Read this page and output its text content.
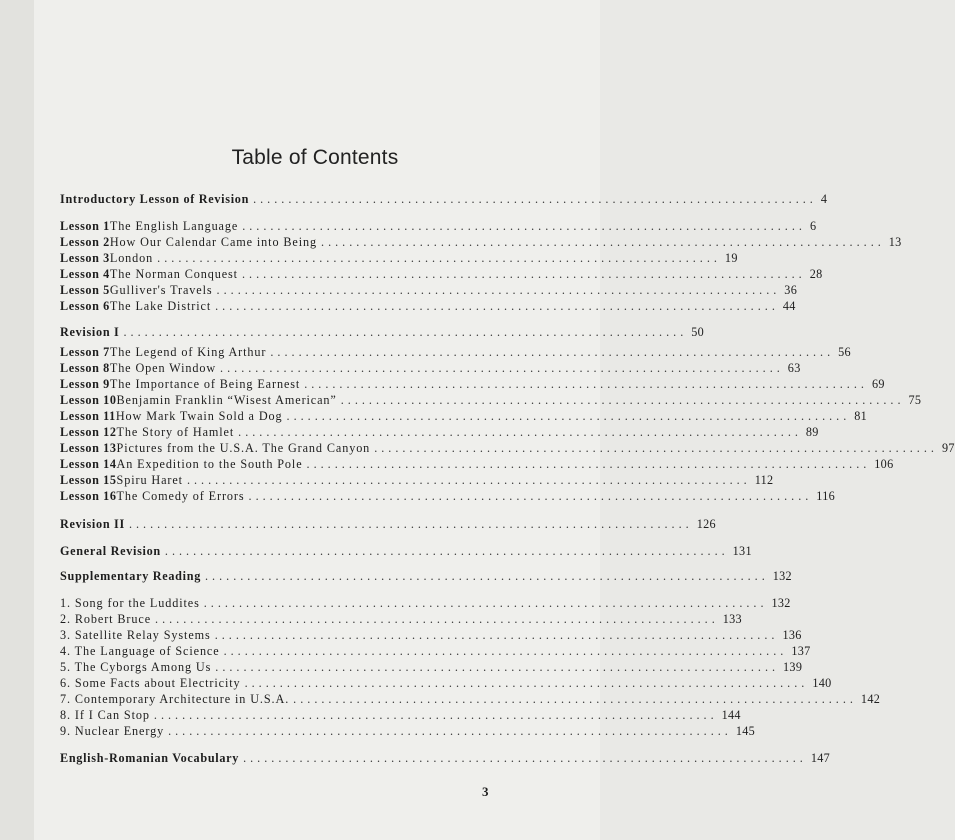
Table of Contents
Introductory Lesson of Revision ................................................................................ 4
Lesson 1 The English Language ................................................................................ 6
Lesson 2 How Our Calendar Came into Being ................................................................................ 13
Lesson 3 London ................................................................................ 19
Lesson 4 The Norman Conquest ................................................................................ 28
Lesson 5 Gulliver's Travels ................................................................................ 36
Lesson 6 The Lake District ................................................................................ 44
Revision I ................................................................................ 50
Lesson 7 The Legend of King Arthur ................................................................................ 56
Lesson 8 The Open Window ................................................................................ 63
Lesson 9 The Importance of Being Earnest ................................................................................ 69
Lesson 10 Benjamin Franklin “Wisest American” ................................................................................ 75
Lesson 11 How Mark Twain Sold a Dog ................................................................................ 81
Lesson 12 The Story of Hamlet ................................................................................ 89
Lesson 13 Pictures from the U.S.A. The Grand Canyon ................................................................................ 97
Lesson 14 An Expedition to the South Pole ................................................................................ 106
Lesson 15 Spiru Haret ................................................................................ 112
Lesson 16 The Comedy of Errors ................................................................................ 116
Revision II ................................................................................ 126
General Revision ................................................................................ 131
Supplementary Reading ................................................................................ 132
1. Song for the Luddites ................................................................................ 132
2. Robert Bruce ................................................................................ 133
3. Satellite Relay Systems ................................................................................ 136
4. The Language of Science ................................................................................ 137
5. The Cyborgs Among Us ................................................................................ 139
6. Some Facts about Electricity ................................................................................ 140
7. Contemporary Architecture in U.S.A. ................................................................................ 142
8. If I Can Stop ................................................................................ 144
9. Nuclear Energy ................................................................................ 145
English-Romanian Vocabulary ................................................................................ 147
3
